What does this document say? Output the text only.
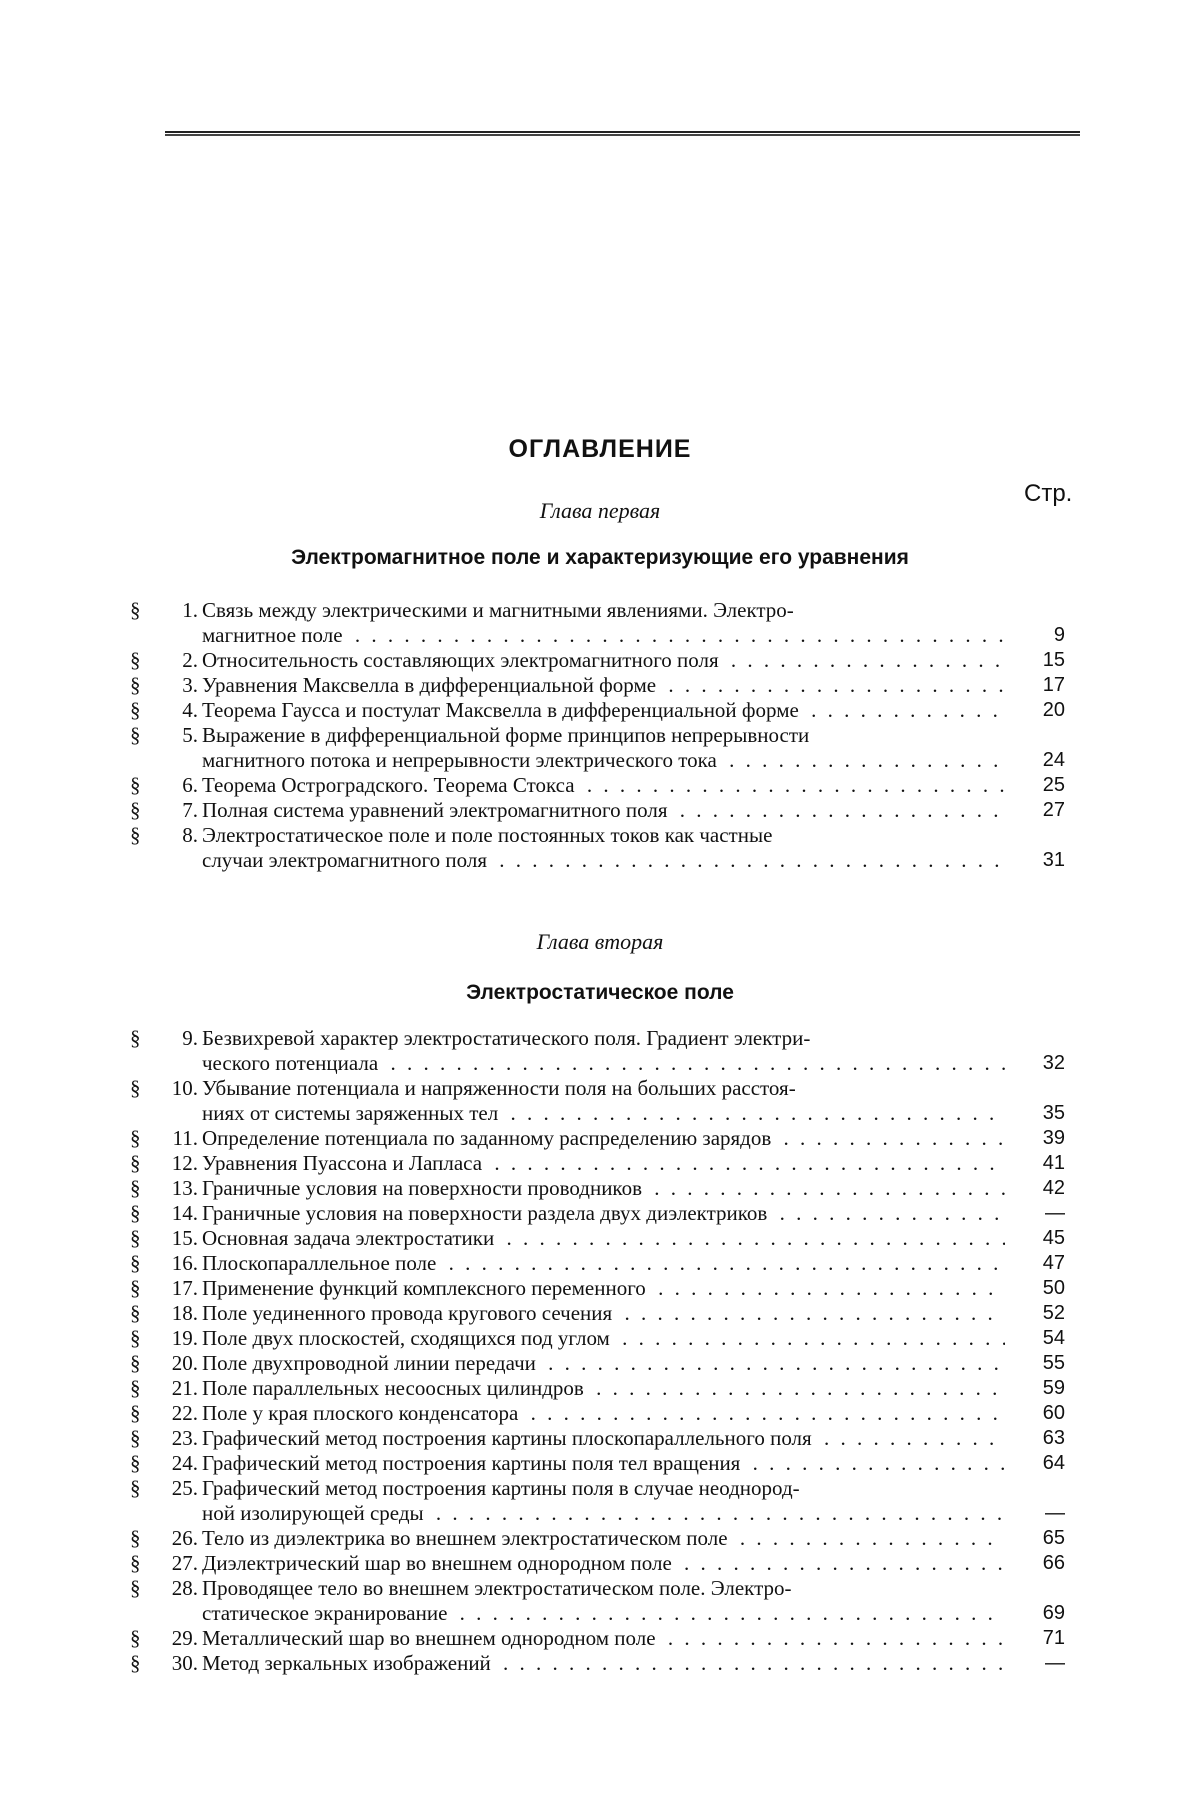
ОГЛАВЛЕНИЕ
Стр.
Глава первая
Электромагнитное поле и характеризующие его уравнения
§ 1. Связь между электрическими и магнитными явлениями. Электро-
магнитное поле . . .	9
§ 2. Относительность составляющих электромагнитного поля . . .	15
§ 3. Уравнения Максвелла в дифференциальной форме . . .	17
§ 4. Теорема Гаусса и постулат Максвелла в дифференциальной форме . . .	20
§ 5. Выражение в дифференциальной форме принципов непрерывности
магнитного потока и непрерывности электрического тока . . .	24
§ 6. Теорема Остроградского. Теорема Стокса . . .	25
§ 7. Полная система уравнений электромагнитного поля . . .	27
§ 8. Электростатическое поле и поле постоянных токов как частные
случаи электромагнитного поля . . .	31
Глава вторая
Электростатическое поле
§ 9. Безвихревой характер электростатического поля. Градиент электри-
ческого потенциала . . .	32
§ 10. Убывание потенциала и напряженности поля на больших расстоя-
ниях от системы заряженных тел . . .	35
§ 11. Определение потенциала по заданному распределению зарядов . . .	39
§ 12. Уравнения Пуассона и Лапласа . . .	41
§ 13. Граничные условия на поверхности проводников . . .	42
§ 14. Граничные условия на поверхности раздела двух диэлектриков . . .	—
§ 15. Основная задача электростатики . . .	45
§ 16. Плоскопараллельное поле . . .	47
§ 17. Применение функций комплексного переменного . . .	50
§ 18. Поле уединенного провода кругового сечения . . .	52
§ 19. Поле двух плоскостей, сходящихся под углом . . .	54
§ 20. Поле двухпроводной линии передачи . . .	55
§ 21. Поле параллельных несоосных цилиндров . . .	59
§ 22. Поле у края плоского конденсатора . . .	60
§ 23. Графический метод построения картины плоскопараллельного поля . . .	63
§ 24. Графический метод построения картины поля тел вращения . . .	64
§ 25. Графический метод построения картины поля в случае неоднород-
ной изолирующей среды . . .	—
§ 26. Тело из диэлектрика во внешнем электростатическом поле . . .	65
§ 27. Диэлектрический шар во внешнем однородном поле . . .	66
§ 28. Проводящее тело во внешнем электростатическом поле. Электро-
статическое экранирование . . .	69
§ 29. Металлический шар во внешнем однородном поле . . .	71
§ 30. Метод зеркальных изображений . . .	—
